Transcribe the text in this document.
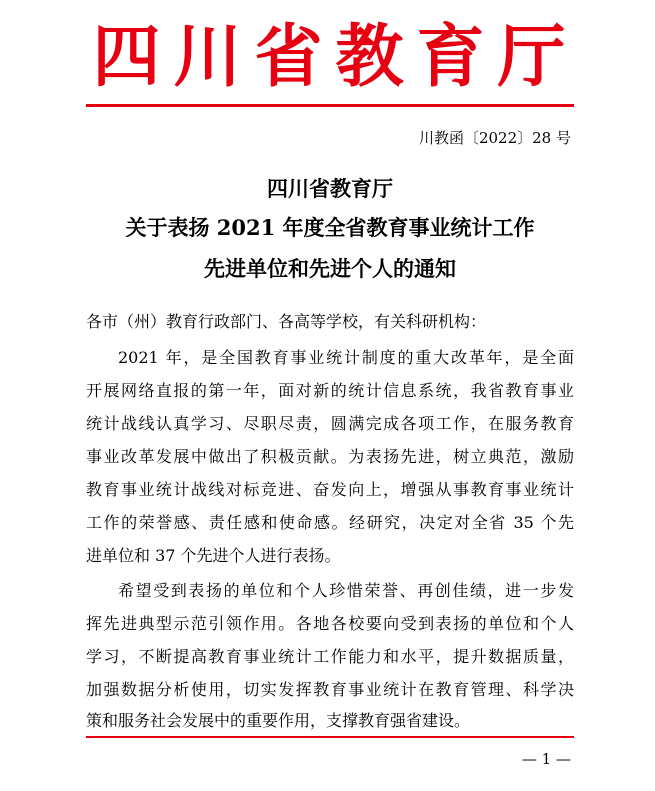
四 川 省 教 育 厅
川教函〔2022〕28 号
四川省教育厅
关于表扬 2021 年度全省教育事业统计工作
先进单位和先进个人的通知
各市（州）教育行政部门、各高等学校，有关科研机构：
2021 年，是全国教育事业统计制度的重大改革年，是全面
开展网络直报的第一年，面对新的统计信息系统，我省教育事业
统计战线认真学习、尽职尽责，圆满完成各项工作，在服务教育
事业改革发展中做出了积极贡献。为表扬先进，树立典范，激励
教育事业统计战线对标竞进、奋发向上，增强从事教育事业统计
工作的荣誉感、责任感和使命感。经研究，决定对全省 35 个先
进单位和 37 个先进个人进行表扬。
希望受到表扬的单位和个人珍惜荣誉、再创佳绩，进一步发
挥先进典型示范引领作用。各地各校要向受到表扬的单位和个人
学习，不断提高教育事业统计工作能力和水平，提升数据质量，
加强数据分析使用，切实发挥教育事业统计在教育管理、科学决
策和服务社会发展中的重要作用，支撑教育强省建设。
— 1 —
